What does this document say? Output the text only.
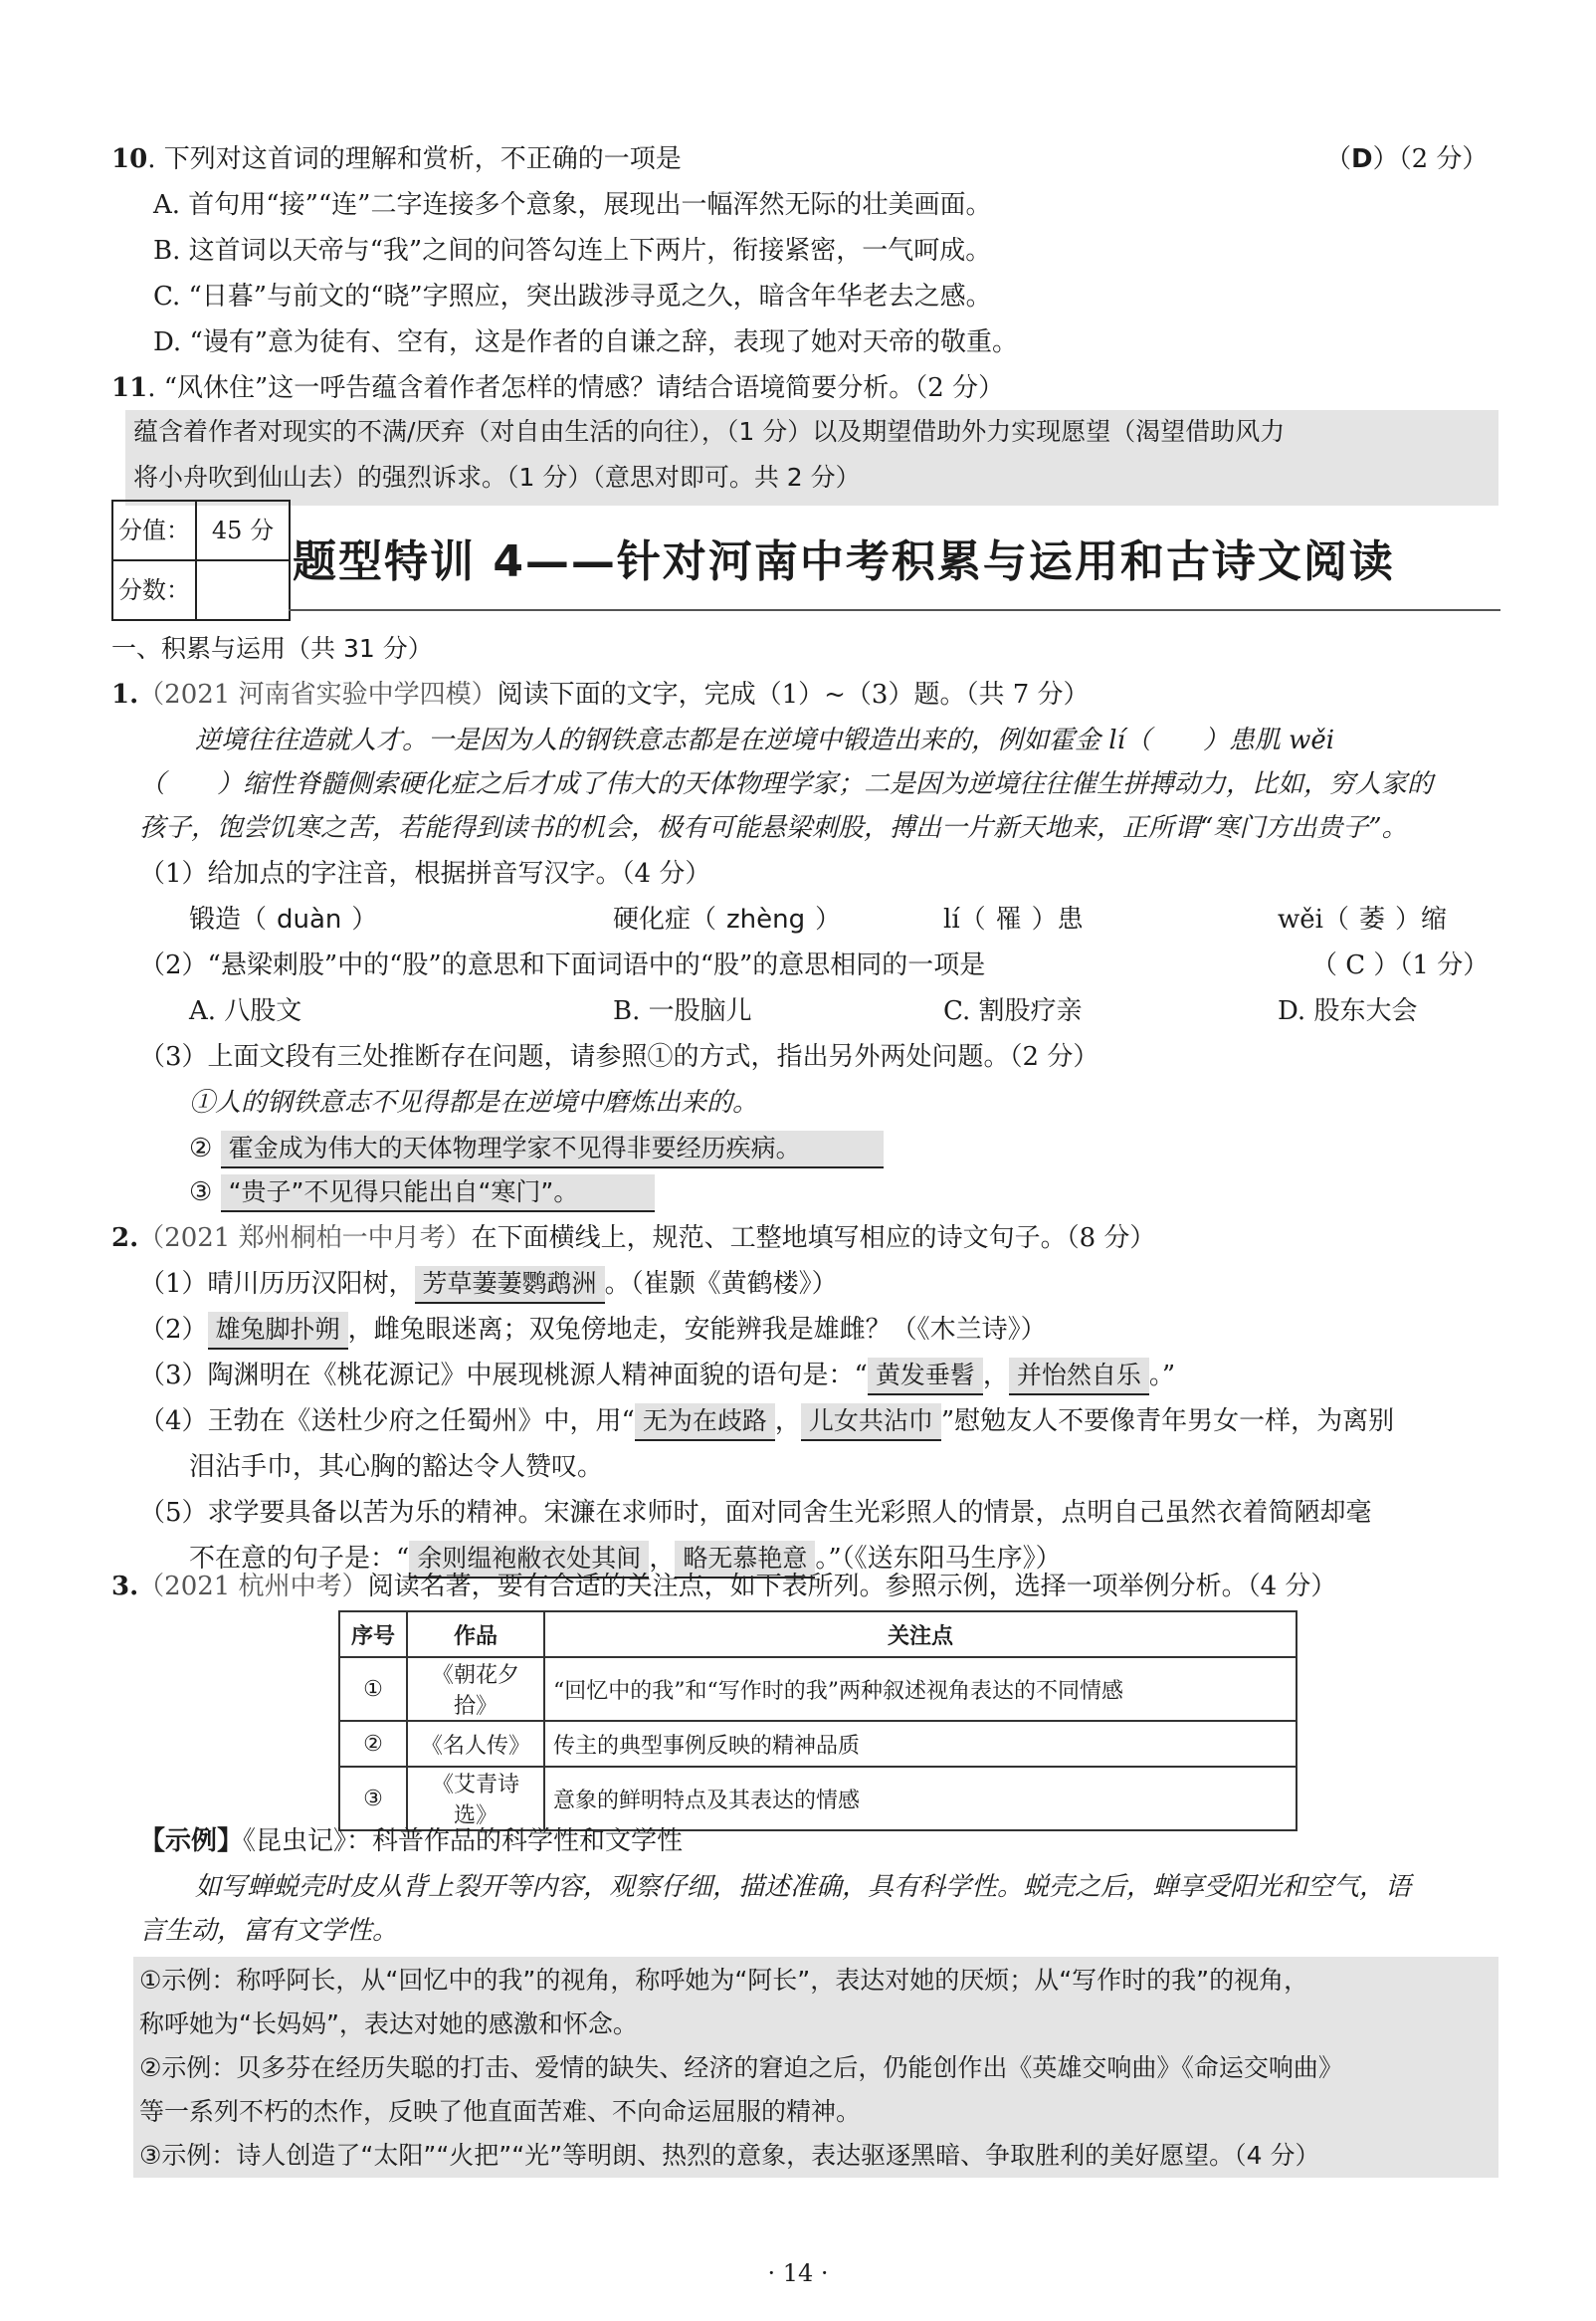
10. 下列对这首词的理解和赏析，不正确的一项是	（D）（2 分）
A. 首句用“接”“连”二字连接多个意象，展现出一幅浑然无际的壮美画面。
B. 这首词以天帝与“我”之间的问答勾连上下两片，衔接紧密，一气呵成。
C. “日暮”与前文的“晓”字照应，突出跋涉寻觅之久，暗含年华老去之感。
D. “谩有”意为徒有、空有，这是作者的自谦之辞，表现了她对天帝的敬重。
11. “风休住”这一呼告蕴含着作者怎样的情感？请结合语境简要分析。（2 分）
蕴含着作者对现实的不满/厌弃（对自由生活的向往），（1 分）以及期望借助外力实现愿望（渴望借助风力
将小舟吹到仙山去）的强烈诉求。（1 分）（意思对即可。共 2 分）
分值： 45 分
分数：
题型特训 4——针对河南中考积累与运用和古诗文阅读
一、积累与运用（共 31 分）
1.（2021 河南省实验中学四模）阅读下面的文字，完成（1）~（3）题。（共 7 分）
逆境往往造就人才。一是因为人的钢铁意志都是在逆境中锻造出来的，例如霍金 lí（　　）患肌 wěi
（　　）缩性脊髓侧索硬化症之后才成了伟大的天体物理学家；二是因为逆境往往催生拼搏动力，比如，穷人家的
孩子，饱尝饥寒之苦，若能得到读书的机会，极有可能悬梁刺股，搏出一片新天地来，正所谓“寒门方出贵子”。
（1）给加点的字注音，根据拼音写汉字。（4 分）
锻造（ duàn ）	硬化症（ zhèng ）	lí（ 罹 ）患	wěi（ 萎 ）缩
（2）“悬梁刺股”中的“股”的意思和下面词语中的“股”的意思相同的一项是	（ C ）（1 分）
A. 八股文	B. 一股脑儿	C. 割股疗亲	D. 股东大会
（3）上面文段有三处推断存在问题，请参照①的方式，指出另外两处问题。（2 分）
①人的钢铁意志不见得都是在逆境中磨炼出来的。
② 霍金成为伟大的天体物理学家不见得非要经历疾病。
③ “贵子”不见得只能出自“寒门”。
2.（2021 郑州桐柏一中月考）在下面横线上，规范、工整地填写相应的诗文句子。（8 分）
（1）晴川历历汉阳树， 芳草萋萋鹦鹉洲 。（崔颢《黄鹤楼》）
（2） 雄兔脚扑朔 ，雌兔眼迷离；双兔傍地走，安能辨我是雄雌？（《木兰诗》）
（3）陶渊明在《桃花源记》中展现桃源人精神面貌的语句是：“ 黄发垂髫 ， 并怡然自乐 。”
（4）王勃在《送杜少府之任蜀州》中，用“ 无为在歧路 ， 儿女共沾巾 ”慰勉友人不要像青年男女一样，为离别
泪沾手巾，其心胸的豁达令人赞叹。
（5）求学要具备以苦为乐的精神。宋濂在求师时，面对同舍生光彩照人的情景，点明自己虽然衣着简陋却毫
不在意的句子是：“ 余则缊袍敝衣处其间 ， 略无慕艳意 。”（《送东阳马生序》）
3.（2021 杭州中考）阅读名著，要有合适的关注点，如下表所列。参照示例，选择一项举例分析。（4 分）
序号	作品	关注点
①	《朝花夕拾》	“回忆中的我”和“写作时的我”两种叙述视角表达的不同情感
②	《名人传》	传主的典型事例反映的精神品质
③	《艾青诗选》	意象的鲜明特点及其表达的情感
【示例】《昆虫记》：科普作品的科学性和文学性
如写蝉蜕壳时皮从背上裂开等内容，观察仔细，描述准确，具有科学性。蜕壳之后，蝉享受阳光和空气，语
言生动，富有文学性。
①示例：称呼阿长，从“回忆中的我”的视角，称呼她为“阿长”，表达对她的厌烦；从“写作时的我”的视角，
称呼她为“长妈妈”，表达对她的感激和怀念。
②示例：贝多芬在经历失聪的打击、爱情的缺失、经济的窘迫之后，仍能创作出《英雄交响曲》《命运交响曲》
等一系列不朽的杰作，反映了他直面苦难、不向命运屈服的精神。
③示例：诗人创造了“太阳”“火把”“光”等明朗、热烈的意象，表达驱逐黑暗、争取胜利的美好愿望。（4 分）
· 14 ·
